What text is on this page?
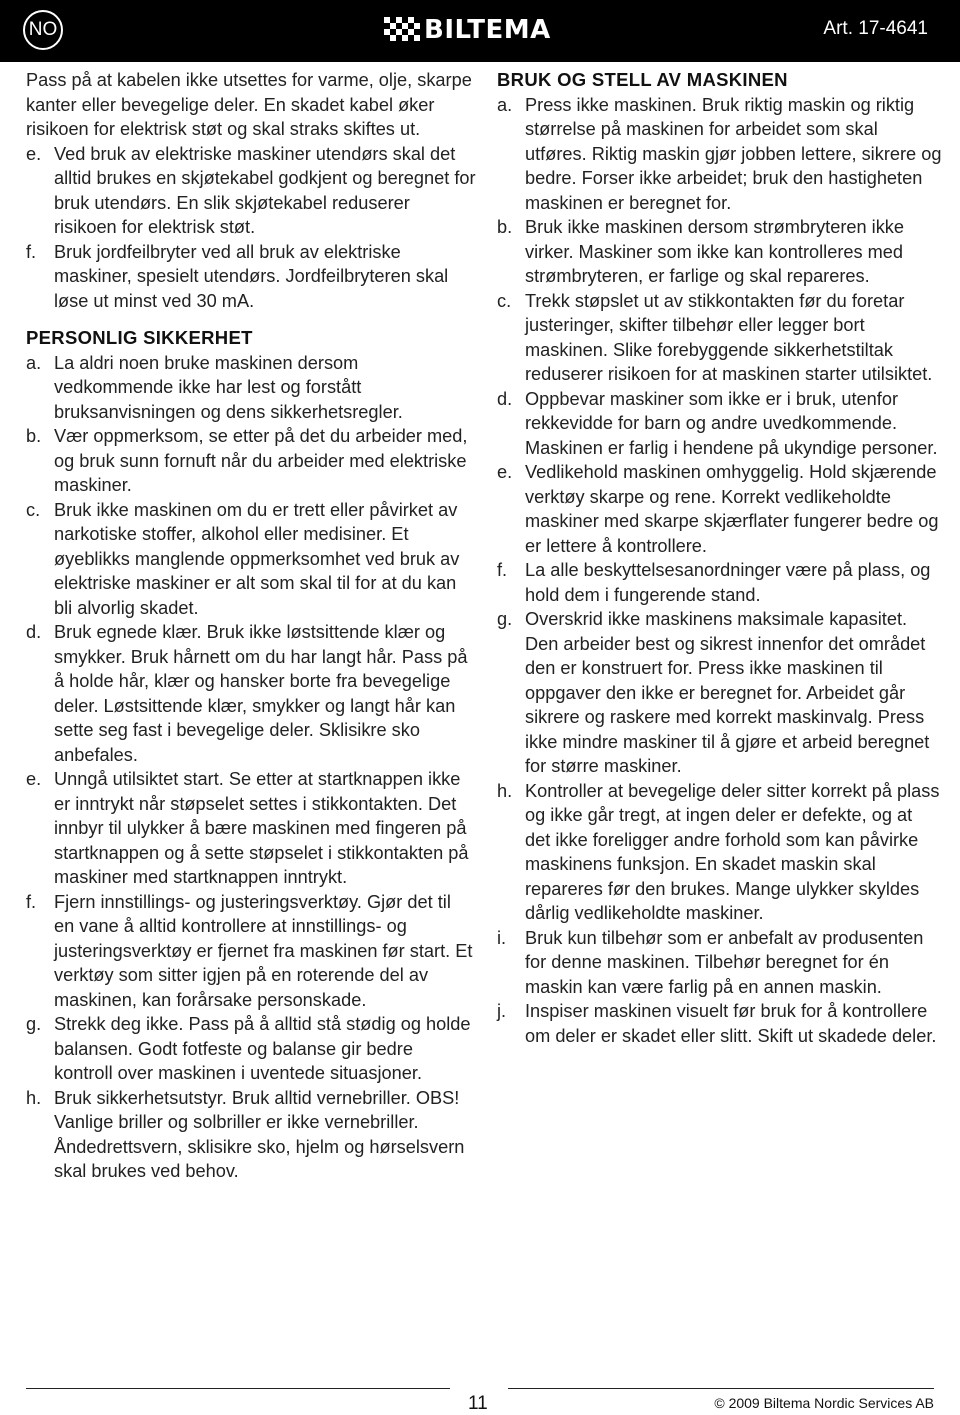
NO	BILTEMA	Art. 17-4641

Pass på at kabelen ikke utsettes for varme, olje, skarpe kanter eller bevegelige deler. En skadet kabel øker risikoen for elektrisk støt og skal straks skiftes ut.

e. Ved bruk av elektriske maskiner utendørs skal det alltid brukes en skjøtekabel godkjent og beregnet for bruk utendørs. En slik skjøtekabel reduserer risikoen for elektrisk støt.
f. Bruk jordfeilbryter ved all bruk av elektriske maskiner, spesielt utendørs. Jordfeilbryteren skal løse ut minst ved 30 mA.
PERSONLIG SIKKERHET
a. La aldri noen bruke maskinen dersom vedkommende ikke har lest og forstått bruksanvisningen og dens sikkerhetsregler.
b. Vær oppmerksom, se etter på det du arbeider med, og bruk sunn fornuft når du arbeider med elektriske maskiner.
c. Bruk ikke maskinen om du er trett eller påvirket av narkotiske stoffer, alkohol eller medisiner. Et øyeblikks manglende oppmerksomhet ved bruk av elektriske maskiner er alt som skal til for at du kan bli alvorlig skadet.
d. Bruk egnede klær. Bruk ikke løstsittende klær og smykker. Bruk hårnett om du har langt hår. Pass på å holde hår, klær og hansker borte fra bevegelige deler. Løstsittende klær, smykker og langt hår kan sette seg fast i bevegelige deler. Sklisikre sko anbefales.
e. Unngå utilsiktet start. Se etter at startknappen ikke er inntrykt når støpselet settes i stikkontakten. Det innbyr til ulykker å bære maskinen med fingeren på startknappen og å sette støpselet i stikkontakten på maskiner med startknappen inntrykt.
f. Fjern innstillings- og justeringsverktøy. Gjør det til en vane å alltid kontrollere at innstillings- og justeringsverktøy er fjernet fra maskinen før start. Et verktøy som sitter igjen på en roterende del av maskinen, kan forårsake personskade.
g. Strekk deg ikke. Pass på å alltid stå stødig og holde balansen. Godt fotfeste og balanse gir bedre kontroll over maskinen i uventede situasjoner.
h. Bruk sikkerhetsutstyr. Bruk alltid vernebriller. OBS! Vanlige briller og solbriller er ikke vernebriller. Åndedrettsvern, sklisikre sko, hjelm og hørselsvern skal brukes ved behov.
BRUK OG STELL AV MASKINEN
a. Press ikke maskinen. Bruk riktig maskin og riktig størrelse på maskinen for arbeidet som skal utføres. Riktig maskin gjør jobben lettere, sikrere og bedre. Forser ikke arbeidet; bruk den hastigheten maskinen er beregnet for.
b. Bruk ikke maskinen dersom strømbryteren ikke virker. Maskiner som ikke kan kontrolleres med strømbryteren, er farlige og skal repareres.
c. Trekk støpslet ut av stikkontakten før du foretar justeringer, skifter tilbehør eller legger bort maskinen. Slike forebyggende sikkerhetstiltak reduserer risikoen for at maskinen starter utilsiktet.
d. Oppbevar maskiner som ikke er i bruk, utenfor rekkevidde for barn og andre uvedkommende. Maskinen er farlig i hendene på ukyndige personer.
e. Vedlikehold maskinen omhyggelig. Hold skjærende verktøy skarpe og rene. Korrekt vedlikeholdte maskiner med skarpe skjærflater fungerer bedre og er lettere å kontrollere.
f. La alle beskyttelsesanordninger være på plass, og hold dem i fungerende stand.
g. Overskrid ikke maskinens maksimale kapasitet. Den arbeider best og sikrest innenfor det området den er konstruert for. Press ikke maskinen til oppgaver den ikke er beregnet for. Arbeidet går sikrere og raskere med korrekt maskinvalg. Press ikke mindre maskiner til å gjøre et arbeid beregnet for større maskiner.
h. Kontroller at bevegelige deler sitter korrekt på plass og ikke går tregt, at ingen deler er defekte, og at det ikke foreligger andre forhold som kan påvirke maskinens funksjon. En skadet maskin skal repareres før den brukes. Mange ulykker skyldes dårlig vedlikeholdte maskiner.
i.	Bruk kun tilbehør som er anbefalt av produsenten for denne maskinen. Tilbehør beregnet for én maskin kan være farlig på en annen maskin.
j.	Inspiser maskinen visuelt før bruk for å kontrollere om deler er skadet eller slitt. Skift ut skadede deler.
11	© 2009 Biltema Nordic Services AB
